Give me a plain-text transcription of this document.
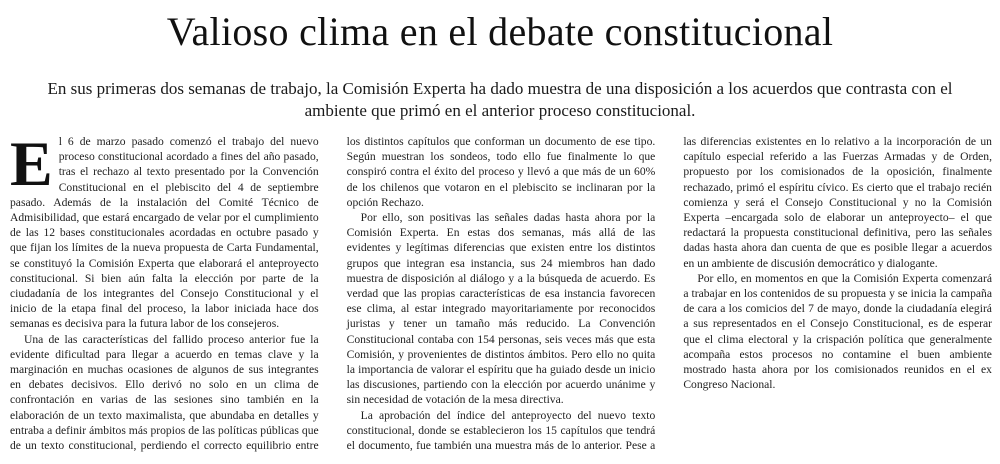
Valioso clima en el debate constitucional

En sus primeras dos semanas de trabajo, la Comisión Experta ha dado muestra de una disposición a los acuerdos que contrasta con el ambiente que primó en el anterior proceso constitucional.

El 6 de marzo pasado comenzó el trabajo del nuevo proceso constitucional acordado a fines del año pasado, tras el rechazo al texto presentado por la Convención Constitucional en el plebiscito del 4 de septiembre pasado. Además de la instalación del Comité Técnico de Admisibilidad, que estará encargado de velar por el cumplimiento de las 12 bases constitucionales acordadas en octubre pasado y que fijan los límites de la nueva propuesta de Carta Fundamental, se constituyó la Comisión Experta que elaborará el anteproyecto constitucional. Si bien aún falta la elección por parte de la ciudadanía de los integrantes del Consejo Constitucional y el inicio de la etapa final del proceso, la labor iniciada hace dos semanas es decisiva para la futura labor de los consejeros.

Una de las características del fallido proceso anterior fue la evidente dificultad para llegar a acuerdo en temas clave y la marginación en muchas ocasiones de algunos de sus integrantes en debates decisivos. Ello derivó no solo en un clima de confrontación en varias de las sesiones sino también en la elaboración de un texto maximalista, que abundaba en detalles y entraba a definir ámbitos más propios de las políticas públicas que de un texto constitucional, perdiendo el correcto equilibrio entre los distintos capítulos que conforman un documento de ese tipo. Según muestran los sondeos, todo ello fue finalmente lo que conspiró contra el éxito del proceso y llevó a que más de un 60% de los chilenos que votaron en el plebiscito se inclinaran por la opción Rechazo.

Por ello, son positivas las señales dadas hasta ahora por la Comisión Experta. En estas dos semanas, más allá de las evidentes y legítimas diferencias que existen entre los distintos grupos que integran esa instancia, sus 24 miembros han dado muestra de disposición al diálogo y a la búsqueda de acuerdo. Es verdad que las propias características de esa instancia favorecen ese clima, al estar integrado mayoritariamente por reconocidos juristas y tener un tamaño más reducido. La Convención Constitucional contaba con 154 personas, seis veces más que esta Comisión, y provenientes de distintos ámbitos. Pero ello no quita la importancia de valorar el espíritu que ha guiado desde un inicio las discusiones, partiendo con la elección por acuerdo unánime y sin necesidad de votación de la mesa directiva.

La aprobación del índice del anteproyecto del nuevo texto constitucional, donde se establecieron los 15 capítulos que tendrá el documento, fue también una muestra más de lo anterior. Pese a las diferencias existentes en lo relativo a la incorporación de un capítulo especial referido a las Fuerzas Armadas y de Orden, propuesto por los comisionados de la oposición, finalmente rechazado, primó el espíritu cívico. Es cierto que el trabajo recién comienza y será el Consejo Constitucional y no la Comisión Experta –encargada solo de elaborar un anteproyecto– el que redactará la propuesta constitucional definitiva, pero las señales dadas hasta ahora dan cuenta de que es posible llegar a acuerdos en un ambiente de discusión democrático y dialogante.

Por ello, en momentos en que la Comisión Experta comenzará a trabajar en los contenidos de su propuesta y se inicia la campaña de cara a los comicios del 7 de mayo, donde la ciudadanía elegirá a sus representados en el Consejo Constitucional, es de esperar que el clima electoral y la crispación política que generalmente acompaña estos procesos no contamine el buen ambiente mostrado hasta ahora por los comisionados reunidos en el ex Congreso Nacional.
